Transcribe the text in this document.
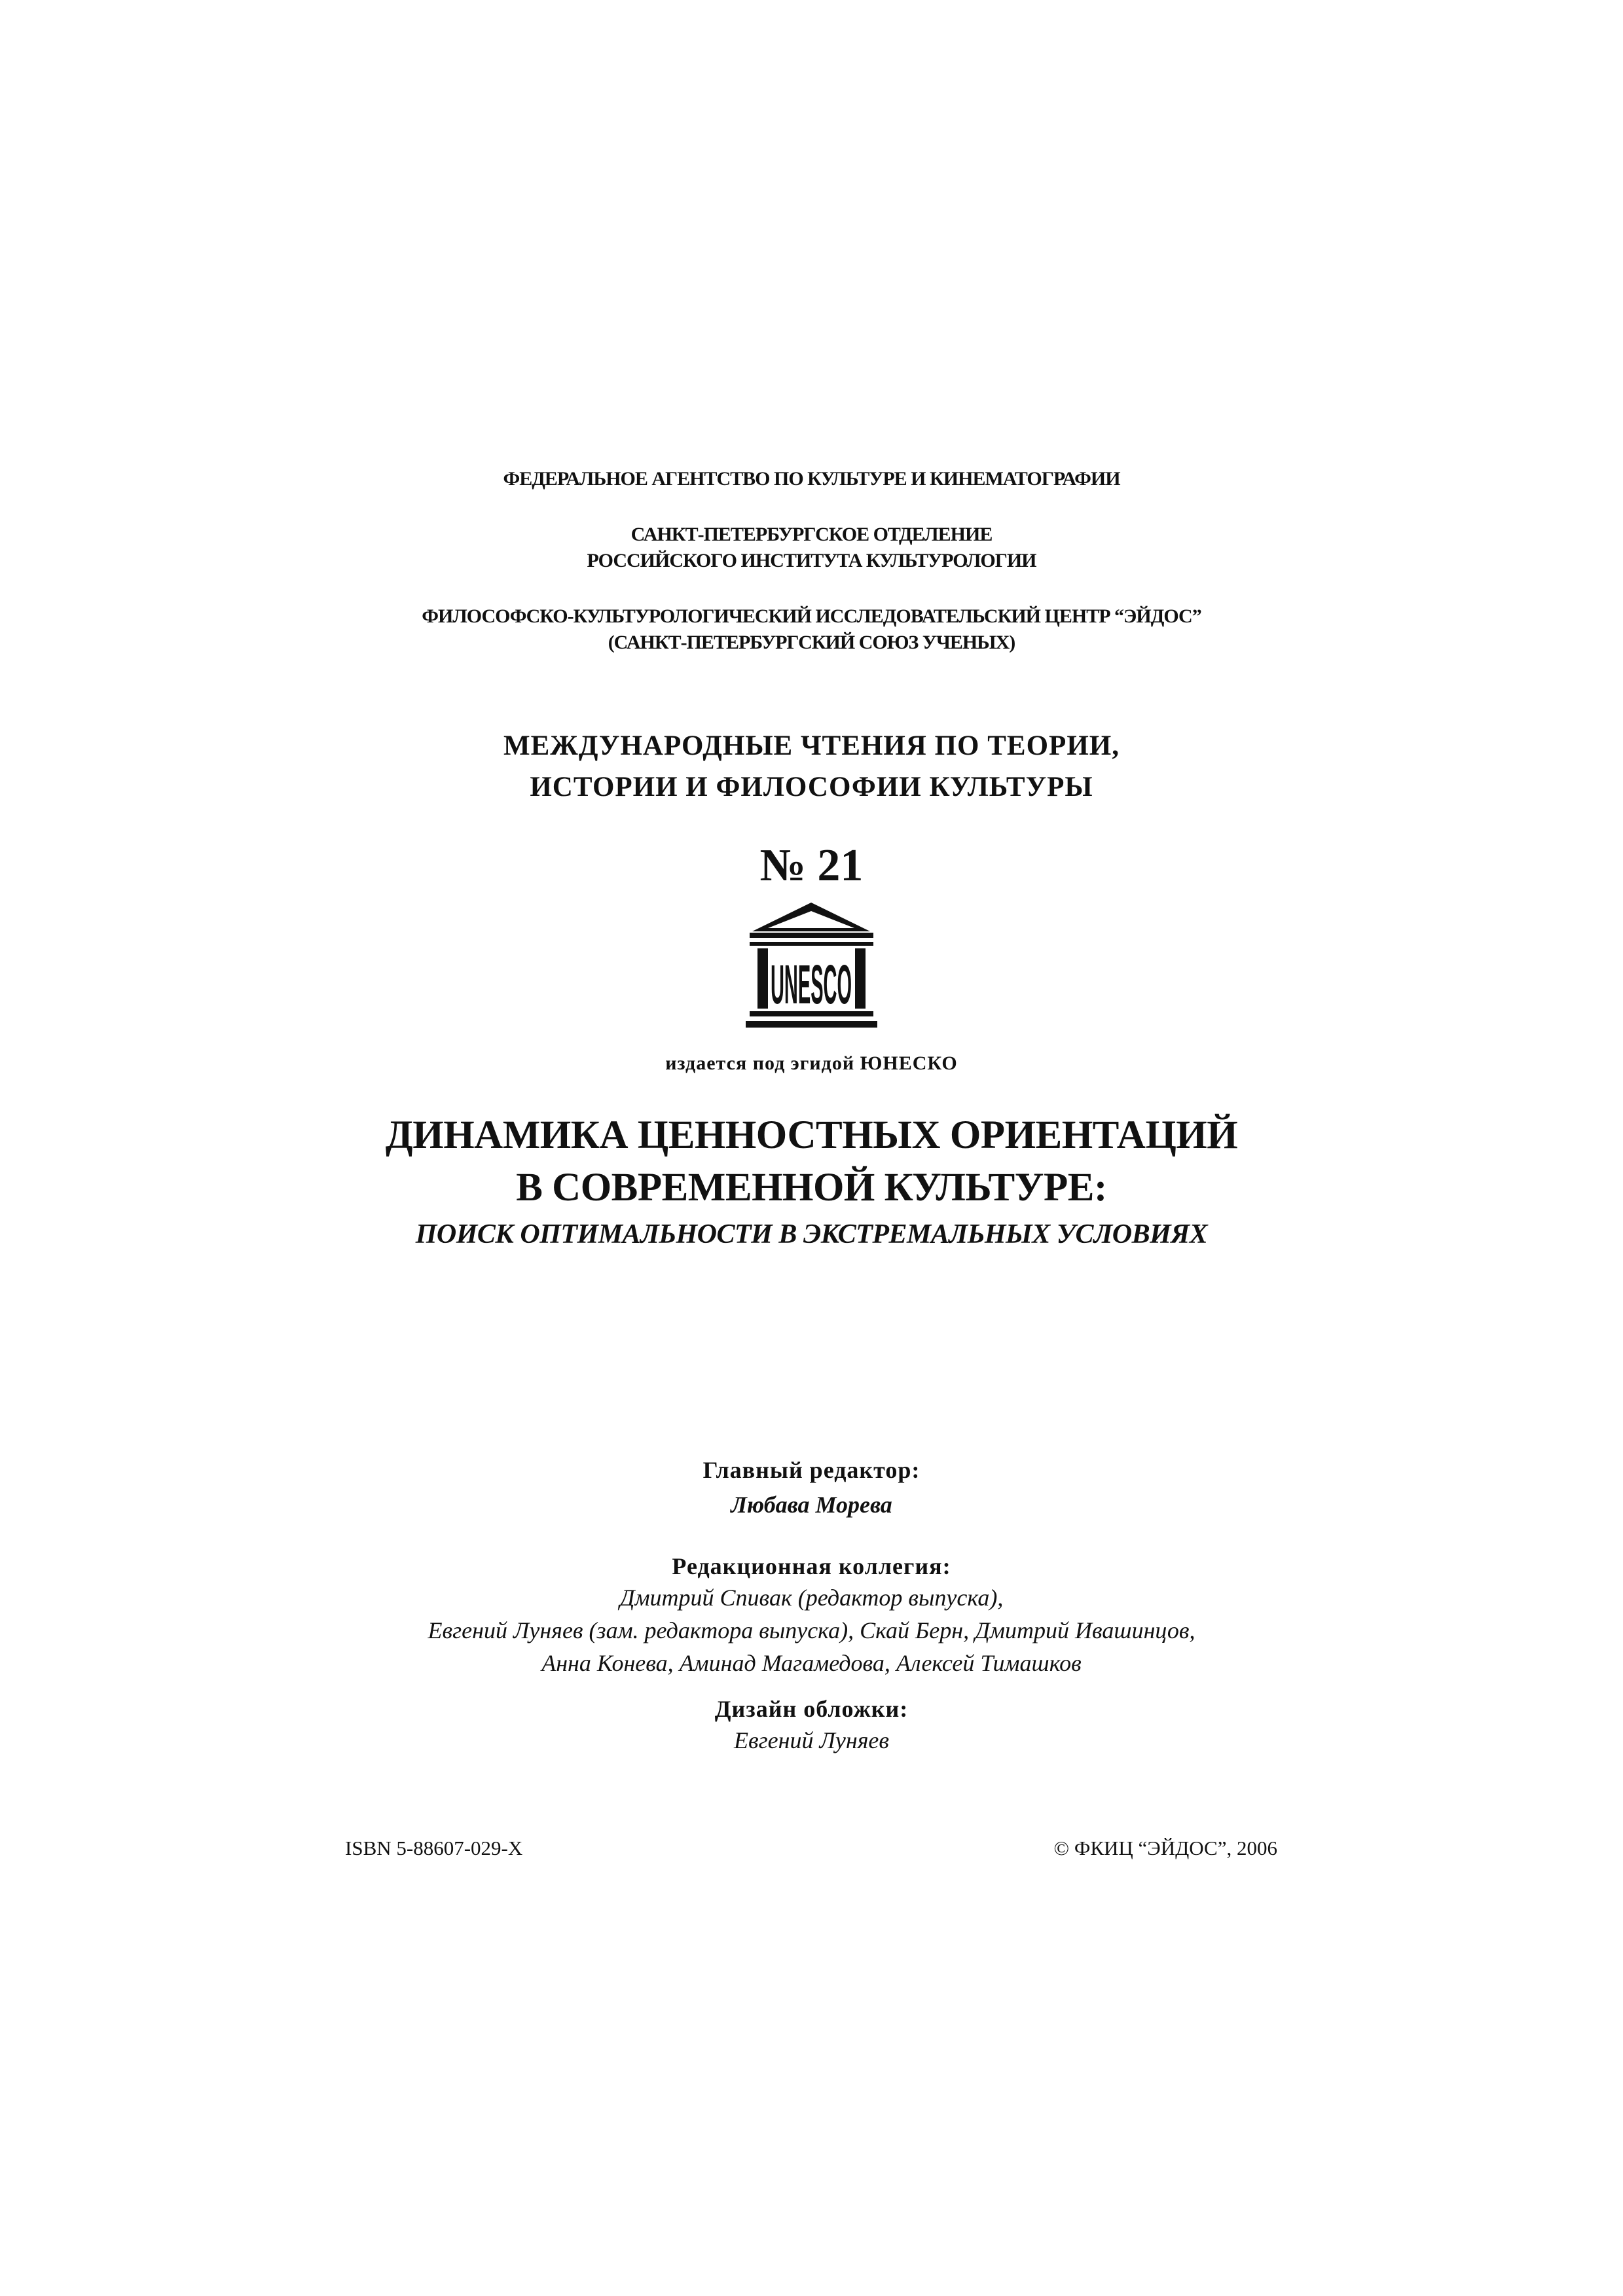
ФЕДЕРАЛЬНОЕ АГЕНТСТВО ПО КУЛЬТУРЕ И КИНЕМАТОГРАФИИ
САНКТ-ПЕТЕРБУРГСКОЕ ОТДЕЛЕНИЕ
РОССИЙСКОГО ИНСТИТУТА КУЛЬТУРОЛОГИИ
ФИЛОСОФСКО-КУЛЬТУРОЛОГИЧЕСКИЙ ИССЛЕДОВАТЕЛЬСКИЙ ЦЕНТР “ЭЙДОС”
(САНКТ-ПЕТЕРБУРГСКИЙ СОЮЗ УЧЕНЫХ)
МЕЖДУНАРОДНЫЕ ЧТЕНИЯ ПО ТЕОРИИ,
ИСТОРИИ И ФИЛОСОФИИ КУЛЬТУРЫ
№ 21
UNESCO
издается под эгидой ЮНЕСКО
ДИНАМИКА ЦЕННОСТНЫХ ОРИЕНТАЦИЙ
В СОВРЕМЕННОЙ КУЛЬТУРЕ:
ПОИСК ОПТИМАЛЬНОСТИ В ЭКСТРЕМАЛЬНЫХ УСЛОВИЯХ
Главный редактор:
Любава Морева
Редакционная коллегия:
Дмитрий Спивак (редактор выпуска),
Евгений Луняев (зам. редактора выпуска), Скай Берн, Дмитрий Ивашинцов,
Анна Конева, Аминад Магамедова, Алексей Тимашков
Дизайн обложки:
Евгений Луняев
ISBN 5-88607-029-X	© ФКИЦ “ЭЙДОС”, 2006
